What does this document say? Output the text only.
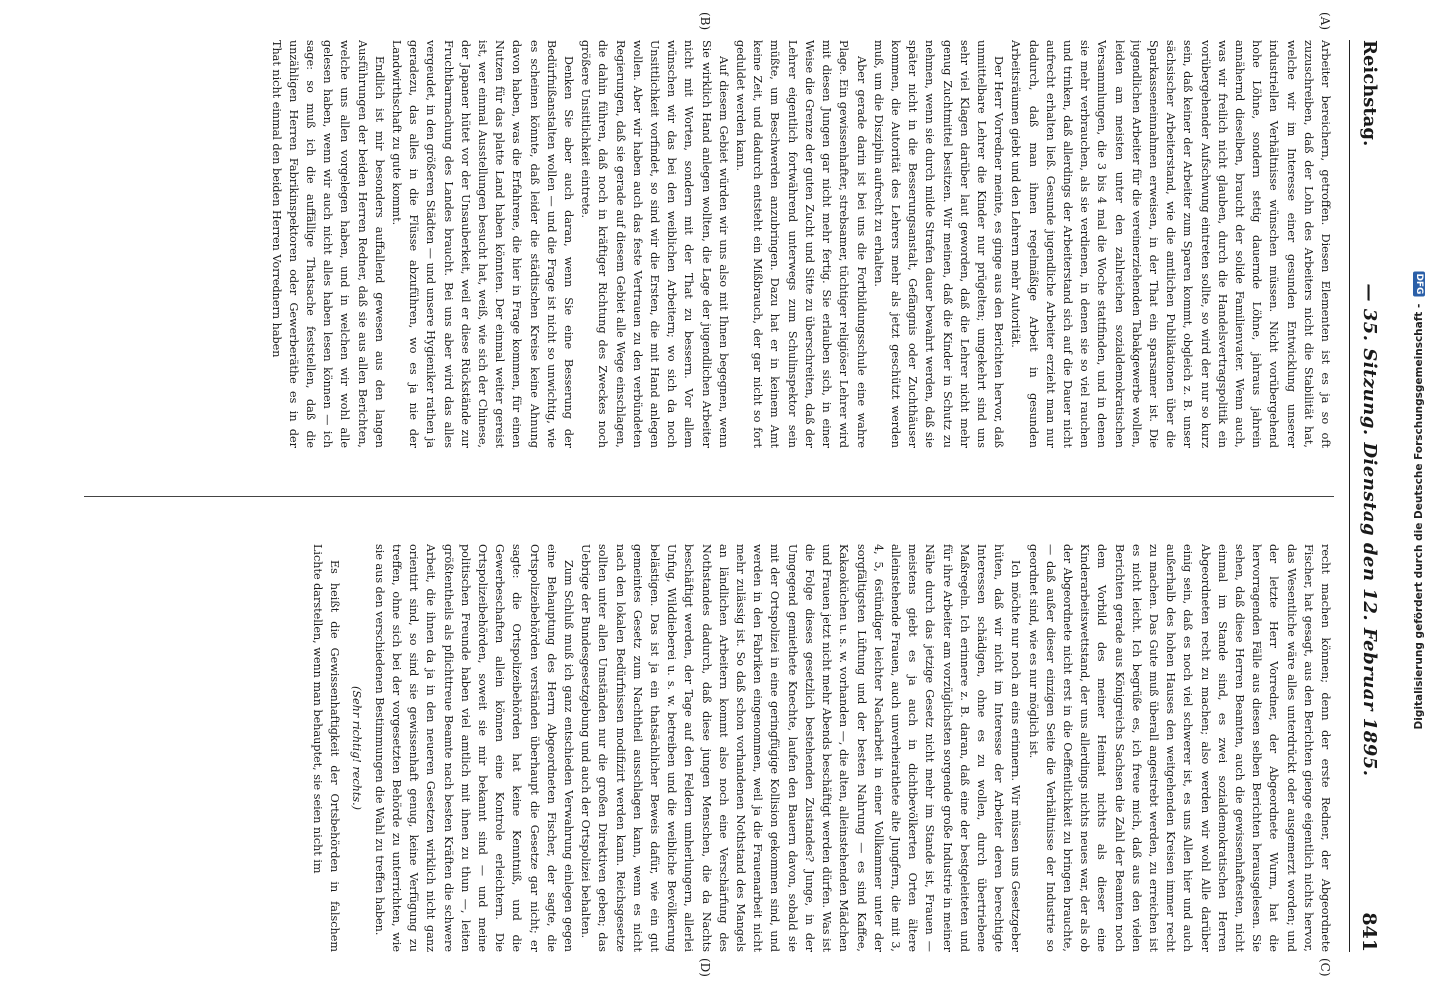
Reichstag.
— 35. Sitzung. Dienstag den 12. Februar 1895.
841
(A)
(B)
(C)
(D)

Arbeiter bereichern, getroffen. Diesen Elementen ist es ja so oft zuzuschreiben, daß der Lohn des Arbeiters nicht die Stabilität hat, welche wir im Interesse einer gesunden Entwicklung unserer industriellen Verhältnisse wünschen müssen. Nicht vorübergehend hohe Löhne, sondern stetig dauernde Löhne, jahraus jahrein annähernd dieselben, braucht der solide Familienvater. Wenn auch, was wir freilich nicht glauben, durch die Handelsvertragspolitik ein vorübergehender Aufschwung eintreten sollte, so wird der nur so kurz sein, daß keiner der Arbeiter zum Sparen kommt, obgleich z. B. unser sächsischer Arbeiterstand, wie die amtlichen Publikationen über die Sparkasseneinnahmen erweisen, in der That ein sparsamer ist. Die jugendlichen Arbeiter für die vereinerziehenden Tabakgewerbe wollen, leiden am meisten unter den zahlreichen sozialdemokratischen Versammlungen, die 3 bis 4 mal die Woche stattfinden, und in denen sie mehr verbrauchen, als sie verdienen, in denen sie so viel rauchen und trinken, daß allerdings der Arbeiterstand sich auf die Dauer nicht aufrecht erhalten ließ. Gesunde jugendliche Arbeiter erzieht man nur dadurch, daß man ihnen regelmäßige Arbeit in gesunden Arbeitsräumen giebt und den Lehrern mehr Autorität.

Der Herr Vorredner meinte, es ginge aus den Berichten hervor, daß unmittelbare Lehrer die Kinder nur prügelten; umgekehrt sind uns sehr viel Klagen darüber laut geworden, daß die Lehrer nicht mehr genug Zuchtmittel besitzen. Wir meinen, daß die Kinder in Schutz zu nehmen, wenn sie durch milde Strafen dauer bewahrt werden, daß sie später nicht in die Besserungsanstalt, Gefängnis oder Zuchthäuser kommen, die Autorität des Lehrers mehr als jetzt geschützt werden muß, um die Disziplin aufrecht zu erhalten.

Aber gerade darin ist bei uns die Fortbildungsschule eine wahre Plage. Ein gewissenhafter, strebsamer, tüchtiger religiöser Lehrer wird mit diesen Jungen gar nicht mehr fertig. Sie erlauben sich, in einer Weise die Grenze der guten Zucht und Sitte zu überschreiten, daß der Lehrer eigentlich fortwährend unterwegs zum Schulinspektor sein müßte, um Beschwerden anzubringen. Dazu hat er in keinem Amt keine Zeit, und dadurch entsteht ein Mißbrauch, der gar nicht so fort geduldet werden kann.

Auf diesem Gebiet würden wir uns also mit Ihnen begegnen, wenn Sie wirklich Hand anlegen wollten, die Lage der jugendlichen Arbeiter nicht mit Worten, sondern mit der That zu bessern. Vor allem wünschen wir das bei den weiblichen Arbeitern; wo sich da noch Unsittlichkeit vorfindet, so sind wir die Ersten, die mit Hand anlegen wollen. Aber wir haben auch das feste Vertrauen zu den verbündeten Regierungen, daß sie gerade auf diesem Gebiet alle Wege einschlagen, die dahin führen, daß noch in kräftiger Richtung des Zweckes noch größere Unsittlichkeit eintrete.

Denken Sie aber auch daran, wenn Sie eine Besserung der Bedürfnißanstalten wollen — und die Frage ist nicht so unwichtig, wie es scheinen könnte, daß leider die städtischen Kreise keine Ahnung davon haben, was die Erfahrene, die hier in Frage kommen, für einen Nutzen für das platte Land haben könnten. Der einmal weiter gereist ist, wer einmal Ausstellungen besucht hat, weiß, wie sich der Chinese, der Japaner hütet vor der Unsauberkeit, weil er diese Rückstände zur Fruchtbarmachung des Landes braucht. Bei uns aber wird das alles vergeudet, in den größeren Städten — und unsere Hygieniker rathen ja geradezu, das alles in die Flüsse abzuführen, wo es ja nie der Landwirthschaft zu gute kommt.

Endlich ist mir besonders auffallend gewesen aus den langen Ausführungen der beiden Herren Redner, daß sie aus allen Berichten, welche uns allen vorgelegen haben, und in welchen wir wohl alle gelesen haben, wenn wir auch nicht alles haben lesen können — ich sage: so muß ich die auffällige Thatsache feststellen, daß die unzähligen Herren Fabrikinspektoren oder Gewerberäthe es in der That nicht einmal den beiden Herren Vorrednern haben

recht machen können; denn der erste Redner, der Abgeordnete Fischer, hat gesagt, aus den Berichten gienge eigentlich nichts hervor, das Wesentliche wäre alles unterdrückt oder ausgemerzt worden; und der letzte Herr Vorredner, der Abgeordnete Wurm, hat die hervorragenden Fälle aus diesen selben Berichten herausgelesen. Sie sehen, daß diese Herren Beamten, auch die gewissenhaftesten, nicht einmal im Stande sind, es zwei sozialdemokratischen Herren Abgeordneten recht zu machen; also werden wir wohl Alle darüber einig sein, daß es noch viel schwerer ist, es uns Allen hier und auch außerhalb des hohen Hauses den weitgehenden Kreisen immer recht zu machen. Das Gute muß überall angestrebt werden, zu erreichen ist es nicht leicht. Ich begrüße es, ich freue mich, daß aus den vielen Berichten gerade aus Königreichs Sachsen die Zahl der Beamten noch dem Vorbild des meiner Heimat nichts als dieser eine Kinderarbeitswettstand, der uns allerdings nichts neues war, der als ob der Abgeordnete nicht erst in die Oeffentlichkeit zu bringen brauchte, — daß außer dieser einzigen Seite die Verhältnisse der Industrie so geordnet sind, wie es nur möglich ist.

Ich möchte nur noch an eins erinnern. Wir müssen uns Gesetzgeber hüten, daß wir nicht im Interesse der Arbeiter deren berechtigte Interessen schädigen, ohne es zu wollen, durch übertriebene Maßregeln. Ich erinnere z. B. daran, daß eine der bestgeleiteten und für ihre Arbeiter am vorzüglichsten sorgende große Industrie in meiner Nähe durch das jetzige Gesetz nicht mehr im Stande ist, Frauen — meistens giebt es ja auch in dichtbevölkerten Orten ältere alleinstehende Frauen, auch unverheirathete alte Jungfern, die mit 3, 4, 5, 6stündiger leichter Nacharbeit in einer Vollkammer unter der sorgfältigsten Lüftung und der besten Nahrung — es sind Kaffee, Kakaoküchen u. s. w. vorhanden —, die alten, alleinstehenden Mädchen und Frauen jetzt nicht mehr Abends beschäftigt werden dürfen. Was ist die Folge dieses gesetzlich bestehenden Zustandes? Junge, in der Umgegend gemiethete Knechte, laufen den Bauern davon, sobald sie mit der Ortspolizei in eine geringfügige Kollision gekommen sind, und werden in den Fabriken eingenommen, weil ja die Frauenarbeit nicht mehr zulässig ist. So daß schon vorhandenen Nothstand des Mangels an ländlichen Arbeitern kommt also noch eine Verschärfung des Nothstandes dadurch, daß diese jungen Menschen, die da Nachts beschäftigt werden, der Tage auf den Feldern umherlungern, allerlei Unfug, Wilddieberei u. s. w. betreiben und die weibliche Bevölkerung belästigen. Das ist ja ein thatsächlicher Beweis dafür, wie ein gut gemeintes Gesetz zum Nachtheil ausschlagen kann, wenn es nicht nach den lokalen Bedürfnissen modifizirt werden kann. Reichsgesetze sollten unter allen Umständen nur die großen Direktiven geben; das Uebrige der Bundesgesetzgebung und auch der Ortspolizei behalten.

Zum Schluß muß ich ganz entschieden Verwahrung einlegen gegen eine Behauptung des Herrn Abgeordneten Fischer, der sagte, die Ortspolizeibehörden verständen überhaupt die Gesetze gar nicht; er sagte: die Ortspolizeibehörden hat keine Kenntniß, und die Gewerbeschaften allein können eine Kontrole erleichtern. Die Ortspolizeibehörden, soweit sie mir bekannt sind — und meine politischen Freunde haben viel amtlich mit ihnen zu thun —, leiten größtentheils als pflichttreue Beamte nach besten Kräften die schwere Arbeit, die ihnen da ja in den neueren Gesetzen wirklich nicht ganz orientirt sind, so sind sie gewissenhaft genug, keine Verfügung zu treffen, ohne sich bei der vorgesetzten Behörde zu unterrichten, wie sie aus den verschiedenen Bestimmungen die Wahl zu treffen haben.

(Sehr richtig! rechts.)

Es heißt die Gewissenhaftigkeit der Ortsbehörden in falschem Lichte darstellen, wenn man behauptet, sie seien nicht im	Digitalisierung gefördert durch die Deutsche Forschungsgemeinschaft - DFG
